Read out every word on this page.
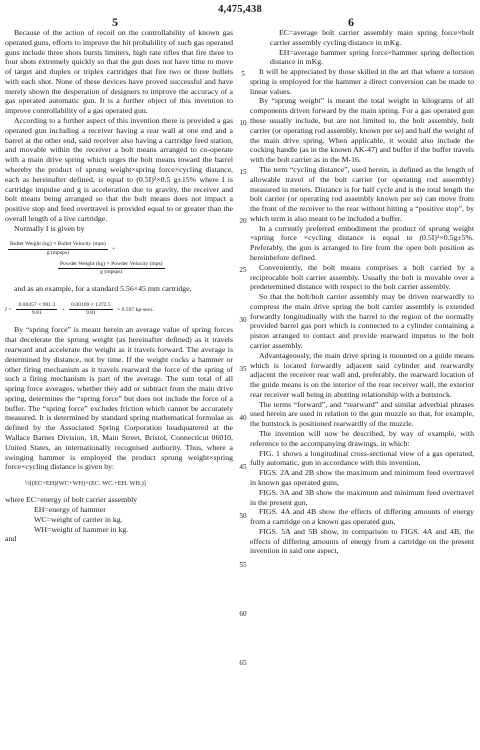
4,475,438
5	6
5
10
15
20
25
30
35
40
45
50
55
60
65

Because of the action of recoil on the controllability of known gas operated guns, efforts to improve the hit probability of such gas operated guns include three shots bursts limiters, high rate rifles that fire three to four shots extremely quickly so that the gun does not have time to move of target and duplex or triplex cartridges that fire two or three bullets with each shot. None of these devices have proved successful and have merely shown the desperation of designers to improve the accuracy of a gas operated automatic gun. It is a further object of this invention to improve controllability of a gas operated gun.

According to a further aspect of this invention there is provided a gas operated gun including a receiver having a rear wall at one end and a barrel at the other end, said receiver also having a cartridge feed station, and movable within the receiver a bolt means arranged to co-operate with a main drive spring which urges the bolt means toward the barrel whereby the product of sprung weight×spring force×cycling distance, each as hereinafter defined, is equal to (0.5I)²×0.5 g±15% where I is cartridge impulse and g is acceleration due to gravity, the receiver and bolt means being arranged so that the bolt means does not impact a positive stop and feed overtravel is provided equal to or greater than the overall length of a live cartridge.

Normally I is given by

$\frac{\text{Bullet Weight (kg) × Bullet Velocity (mps)}}{\text{g (mpsps)}}$ +
$\frac{\text{Powder Weight (kg) × Powder Velocity (mps)}}{\text{g (mpsps)}}$

and as an example, for a standard 5.56×45 mm cartridge,

$I = \frac{0.00357 \times 991.3}{9.81} + \frac{0.00169 \times 1372.5}{9.81} = 0.597$ kp-secs.

By “spring force” is meant herein an average value of spring forces that decelerate the sprung weight (as hereinafter defined) as it travels rearward and accelerate the weight as it travels forward. The average is determined by distance, not by time. If the weight cocks a hammer or other firing mechanism as it travels rearward the force of the spring of such a firing mechanism is part of the average. The sum total of all spring force averages, whether they add or subtract from the main drive spring, determines the “spring force” but does not include the force of a buffer. The “spring force” excludes friction which cannot be accurately measured. It is determined by standard spring mathematical formulae as defined by the Associated Spring Corporation headquatered at the Wallace Barnes Division, 18, Main Street, Bristol, Connecticut 06010, United States, an internationally recognised authority. Thus, where a swinging hammer is employed the product sprung weight×spring force×cycling distance is given by:

½[(EC+EH)(WC+WH)+(EC. WC.+EH. WH.)]

where EC=energy of bolt carrier assembly

EH=energy of hammer

WC=weight of carrier in kg.

WH=weight of hammer in kg.

and

EC=average bolt carrier assembly main spring force×bolt carrier assembly cycling distance in mKg.

EH=average hammer spring force×hammer spring deflection distance in mKg.

It will be appreciated by those skilled in the art that where a torsion spring is employed for the hammer a direct conversion can be made to linear values.

By “sprung weight” is meant the total weight in kilograms of all components driven forward by the main spring. For a gas operated gun these usually include, but are not limited to, the bolt assembly, bolt carrier (or operating rod assembly, known per se) and half the weight of the main drive spring. When applicable, it would also include the cocking handle (as in the known AK-47) and buffer if the buffer travels with the bolt carrier as in the M-16.

The term “cycling distance”, used herein, is defined as the length of allowable travel of the bolt carrier (or operating rod assembly) measured in meters. Distance is for half cycle and is the total length the bolt carrier (or operating rod assembly known per se) can move from the front of the receiver to the rear without hitting a “positive stop”, by which term is also meant to be included a buffer.

In a currently preferred embodiment the product of sprung weight ×spring force ×cycling distance is equal to (0.5I)²×0.5g±5%. Preferably, the gun is arranged to fire from the open bolt position as hereinbefore defined.

Conveniently, the bolt means comprises a bolt carried by a reciprocable bolt carrier assembly. Usually the bolt is movable over a predetermined distance with respect to the bolt carrier assembly.

So that the bolt/bolt carrier assembly may be driven rearwardly to compress the main drive spring the bolt carrier assembly is extended forwardly longitudinally with the barrel to the region of the normally provided barrel gas port which is connected to a cylinder containing a piston arranged to contact and provide rearward impetus to the bolt carrier assembly.

Advantageously, the main drive spring is mounted on a guide means which is located forwardly adjacent said cylinder and rearwardly adjacent the receiver rear wall and, preferably, the rearward location of the guide means is on the interior of the rear receiver wall, the exterior rear receiver wall being in abutting relationship with a buttstock.

The terms “forward”, and “rearward” and similar adverbial phrases used herein are used in relation to the gun muzzle so that, for example, the buttstock is positioned rearwardly of the muzzle.

The invention will now be described, by way of example, with reference to the accompanying drawings, in which:

FIG. 1 shows a longitudinal cross-sectional view of a gas operated, fully automatic, gun in accordance with this invention,

FIGS. 2A and 2B show the maximum and minimum feed overtravel in known gas operated guns,

FIGS. 3A and 3B show the maximum and minimum feed overtravel in the present gun,

FIGS. 4A and 4B show the effects of differing amounts of energy from a cartridge on a known gas operated gun,

FIGS. 5A and 5B show, in comparison to FIGS. 4A and 4B, the effects of differing amounts of energy from a cartridge on the present invention in said one aspect,
